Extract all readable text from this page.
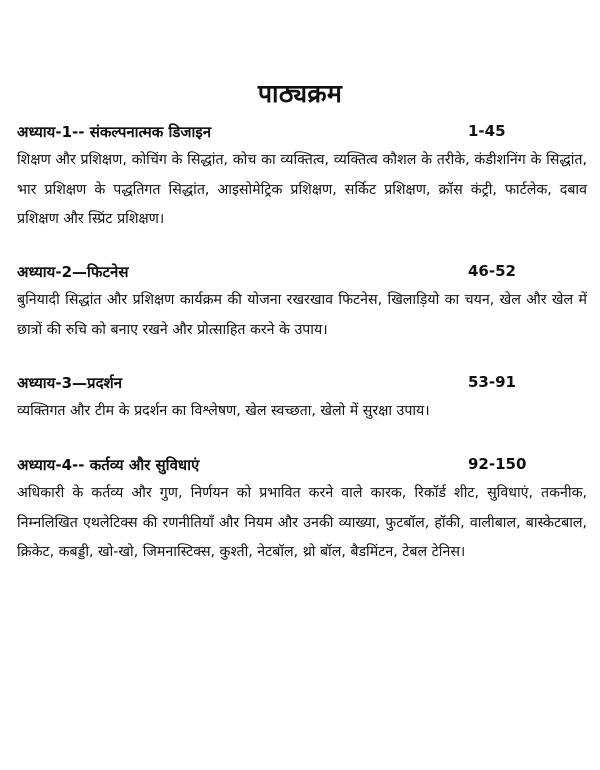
पाठ्यक्रम
अध्याय-1-- संकल्पनात्मक डिजाइन	1-45
शिक्षण और प्रशिक्षण, कोचिंग के सिद्धांत, कोच का व्यक्तित्व, व्यक्तित्व कौशल के तरीके, कंडीशनिंग के सिद्धांत, भार प्रशिक्षण के पद्धतिगत सिद्धांत, आइसोमेट्रिक प्रशिक्षण, सर्किट प्रशिक्षण, क्रॉस कंट्री, फार्टलेक, दबाव प्रशिक्षण और स्प्रिंट प्रशिक्षण।
अध्याय-2—फिटनेस	46-52
बुनियादी सिद्धांत और प्रशिक्षण कार्यक्रम की योजना रखरखाव फिटनेस, खिलाड़ियो का चयन, खेल और खेल में छात्रों की रुचि को बनाए रखने और प्रोत्साहित करने के उपाय।
अध्याय-3—प्रदर्शन	53-91
व्यक्तिगत और टीम के प्रदर्शन का विश्लेषण, खेल स्वच्छता, खेलो में सुरक्षा उपाय।
अध्याय-4-- कर्तव्य और सुविधाएं	92-150
अधिकारी के कर्तव्य और गुण, निर्णयन को प्रभावित करने वाले कारक, रिकॉर्ड शीट, सुविधाएं, तकनीक, निम्नलिखित एथलेटिक्स की रणनीतियाँ और नियम और उनकी व्याख्या, फुटबॉल, हॉकी, वालीबाल, बास्केटबाल, क्रिकेट, कबड्डी, खो-खो, जिमनास्टिक्स, कुश्ती, नेटबॉल, थ्रो बॉल, बैडमिंटन, टेबल टेनिस।
